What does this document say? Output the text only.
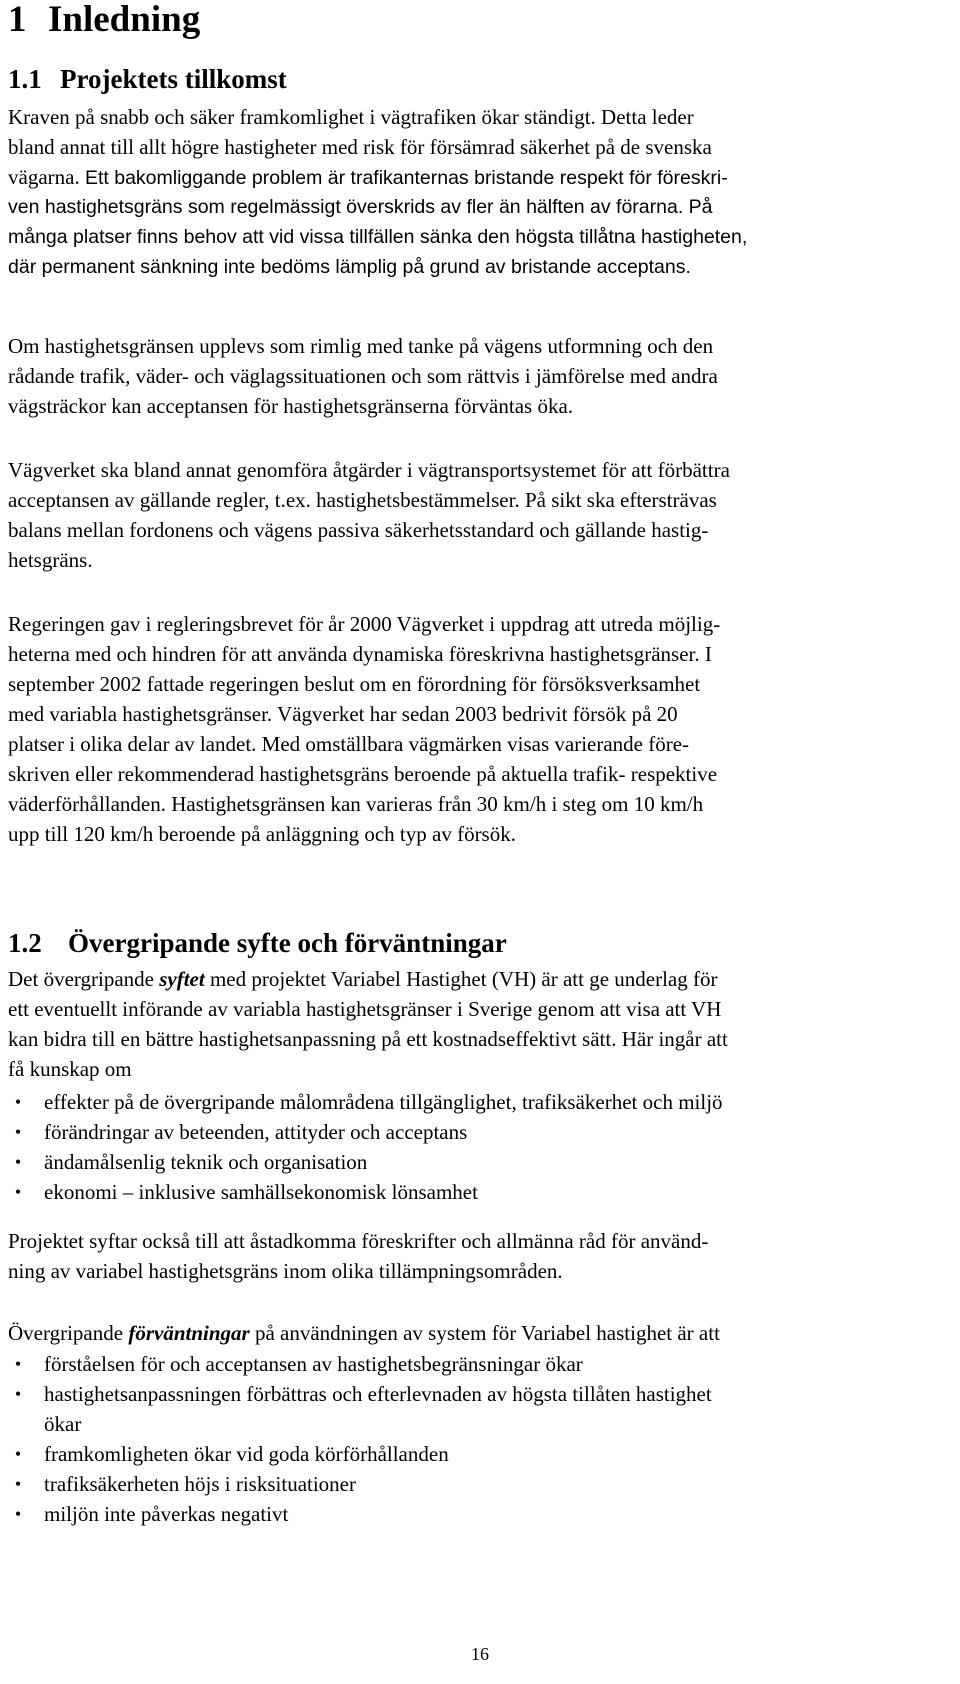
1 Inledning
1.1 Projektets tillkomst

Kraven på snabb och säker framkomlighet i vägtrafiken ökar ständigt. Detta leder
bland annat till allt högre hastigheter med risk för försämrad säkerhet på de svenska
vägarna. Ett bakomliggande problem är trafikanternas bristande respekt för föreskri-
ven hastighetsgräns som regelmässigt överskrids av fler än hälften av förarna. På
många platser finns behov att vid vissa tillfällen sänka den högsta tillåtna hastigheten,
där permanent sänkning inte bedöms lämplig på grund av bristande acceptans.

Om hastighetsgränsen upplevs som rimlig med tanke på vägens utformning och den
rådande trafik, väder- och väglagssituationen och som rättvis i jämförelse med andra
vägsträckor kan acceptansen för hastighetsgränserna förväntas öka.

Vägverket ska bland annat genomföra åtgärder i vägtransportsystemet för att förbättra
acceptansen av gällande regler, t.ex. hastighetsbestämmelser. På sikt ska eftersträvas
balans mellan fordonens och vägens passiva säkerhetsstandard och gällande hastig-
hetsgräns.

Regeringen gav i regleringsbrevet för år 2000 Vägverket i uppdrag att utreda möjlig-
heterna med och hindren för att använda dynamiska föreskrivna hastighetsgränser. I
september 2002 fattade regeringen beslut om en förordning för försöksverksamhet
med variabla hastighetsgränser. Vägverket har sedan 2003 bedrivit försök på 20
platser i olika delar av landet. Med omställbara vägmärken visas varierande före-
skriven eller rekommenderad hastighetsgräns beroende på aktuella trafik- respektive
väderförhållanden. Hastighetsgränsen kan varieras från 30 km/h i steg om 10 km/h
upp till 120 km/h beroende på anläggning och typ av försök.

1.2 Övergripande syfte och förväntningar

Det övergripande syftet med projektet Variabel Hastighet (VH) är att ge underlag för
ett eventuellt införande av variabla hastighetsgränser i Sverige genom att visa att VH
kan bidra till en bättre hastighetsanpassning på ett kostnadseffektivt sätt. Här ingår att
få kunskap om

•	effekter på de övergripande målområdena tillgänglighet, trafiksäkerhet och miljö
•	förändringar av beteenden, attityder och acceptans
•	ändamålsenlig teknik och organisation
•	ekonomi – inklusive samhällsekonomisk lönsamhet

Projektet syftar också till att åstadkomma föreskrifter och allmänna råd för använd-
ning av variabel hastighetsgräns inom olika tillämpningsområden.

Övergripande förväntningar på användningen av system för Variabel hastighet är att

•	förståelsen för och acceptansen av hastighetsbegränsningar ökar
•	hastighetsanpassningen förbättras och efterlevnaden av högsta tillåten hastighet
ökar
•	framkomligheten ökar vid goda körförhållanden
•	trafiksäkerheten höjs i risksituationer
•	miljön inte påverkas negativt
16
